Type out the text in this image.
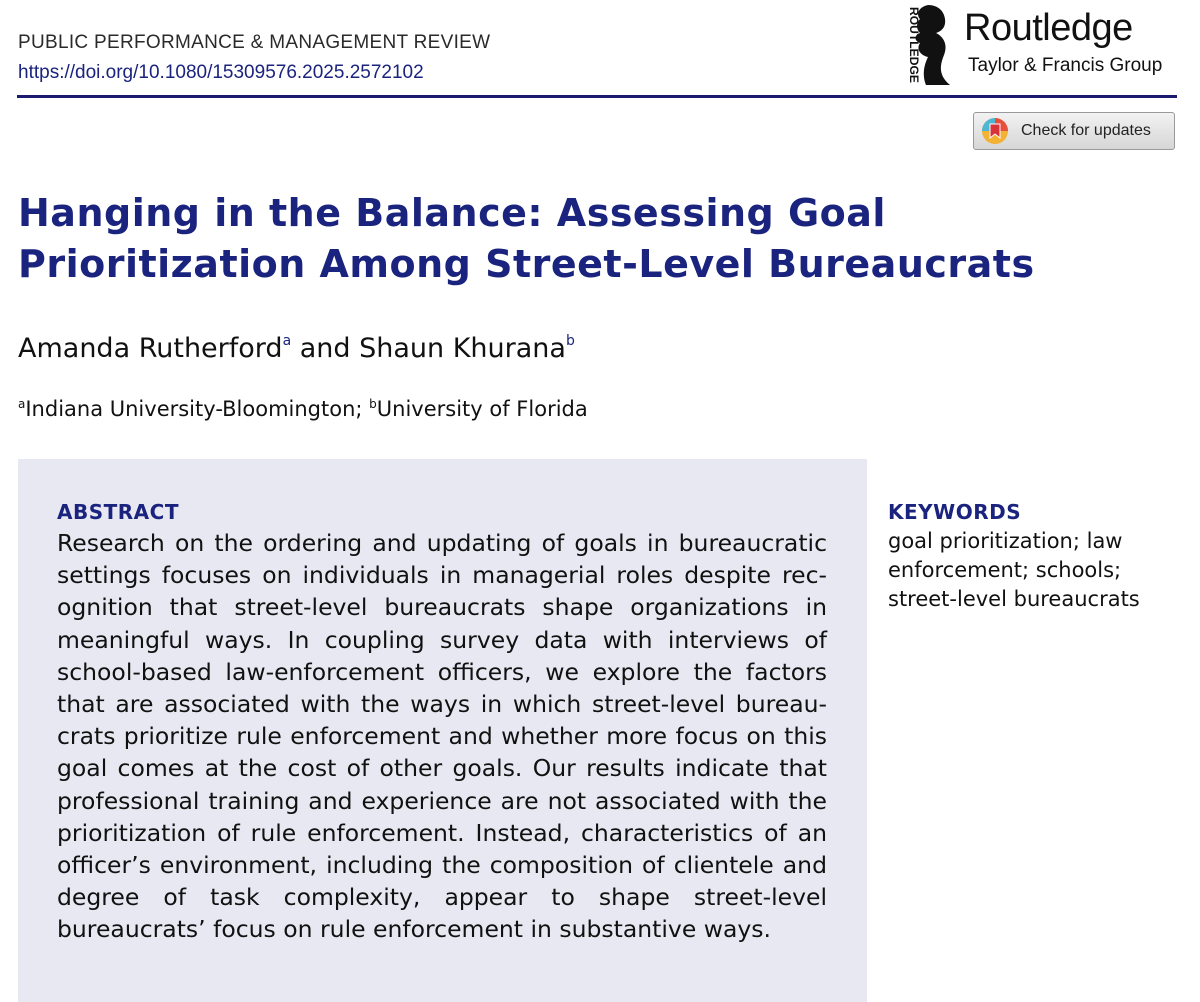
PUBLIC PERFORMANCE & MANAGEMENT REVIEW
https://doi.org/10.1080/15309576.2025.2572102	ROUTLEDGE Routledge
Taylor & Francis Group
Check for updates
Hanging in the Balance: Assessing Goal Prioritization Among Street-Level Bureaucrats
Amanda Rutherford$^a$ and Shaun Khurana$^b$
$^a$Indiana University-Bloomington; $^b$University of Florida
ABSTRACT

Research on the ordering and updating of goals in bureaucratic settings focuses on individuals in managerial roles despite recognition that street-level bureaucrats shape organizations in meaningful ways. In coupling survey data with interviews of school-based law-enforcement officers, we explore the factors that are associated with the ways in which street-level bureaucrats prioritize rule enforcement and whether more focus on this goal comes at the cost of other goals. Our results indicate that professional training and experience are not associated with the prioritization of rule enforcement. Instead, characteristics of an officer’s environment, including the composition of clientele and degree of task complexity, appear to shape street-level bureaucrats’ focus on rule enforcement in substantive ways.

KEYWORDS

goal prioritization; law enforcement; schools; street-level bureaucrats
